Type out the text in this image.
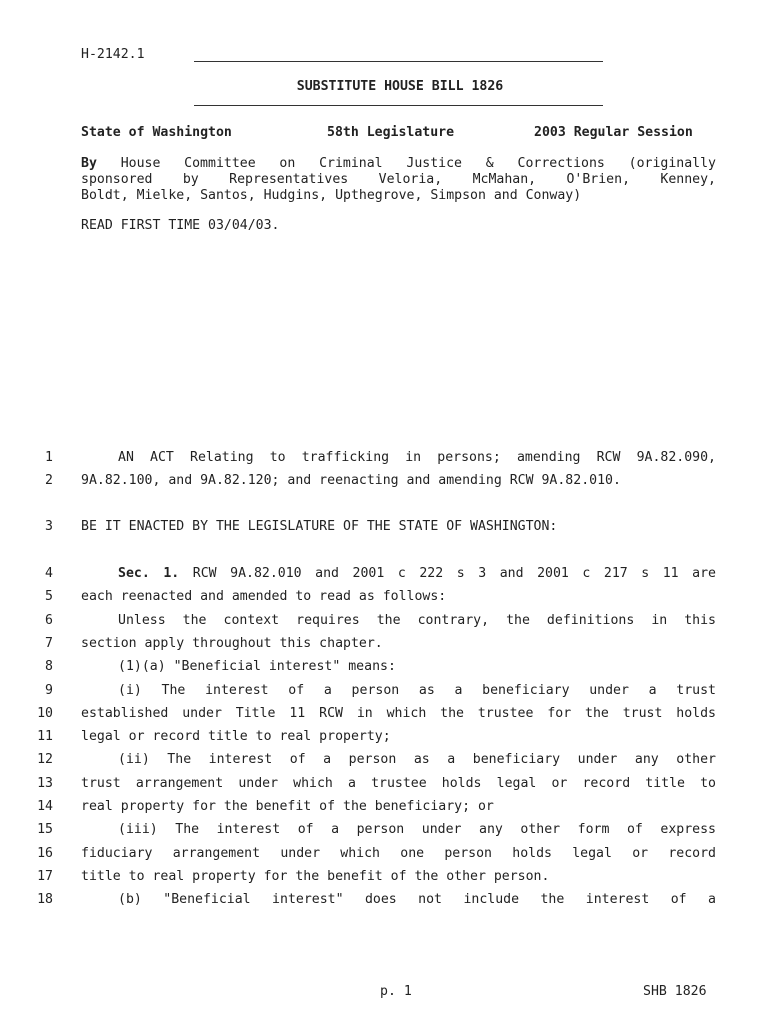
H-2142.1
SUBSTITUTE HOUSE BILL 1826
State of Washington	58th Legislature	2003 Regular Session
By House Committee on Criminal Justice & Corrections (originally
sponsored by Representatives Veloria, McMahan, O'Brien, Kenney,
Boldt, Mielke, Santos, Hudgins, Upthegrove, Simpson and Conway)
READ FIRST TIME 03/04/03.
1	AN ACT Relating to trafficking in persons; amending RCW 9A.82.090,
2 9A.82.100, and 9A.82.120; and reenacting and amending RCW 9A.82.010.
3 BE IT ENACTED BY THE LEGISLATURE OF THE STATE OF WASHINGTON:
4	Sec. 1. RCW 9A.82.010 and 2001 c 222 s 3 and 2001 c 217 s 11 are
5 each reenacted and amended to read as follows:
6	Unless the context requires the contrary, the definitions in this
7 section apply throughout this chapter.
8	(1)(a) "Beneficial interest" means:
9	(i) The interest of a person as a beneficiary under a trust
10 established under Title 11 RCW in which the trustee for the trust holds
11 legal or record title to real property;
12	(ii) The interest of a person as a beneficiary under any other
13 trust arrangement under which a trustee holds legal or record title to
14 real property for the benefit of the beneficiary; or
15	(iii) The interest of a person under any other form of express
16 fiduciary arrangement under which one person holds legal or record
17 title to real property for the benefit of the other person.
18	(b) "Beneficial interest" does not include the interest of a
p. 1	SHB 1826
